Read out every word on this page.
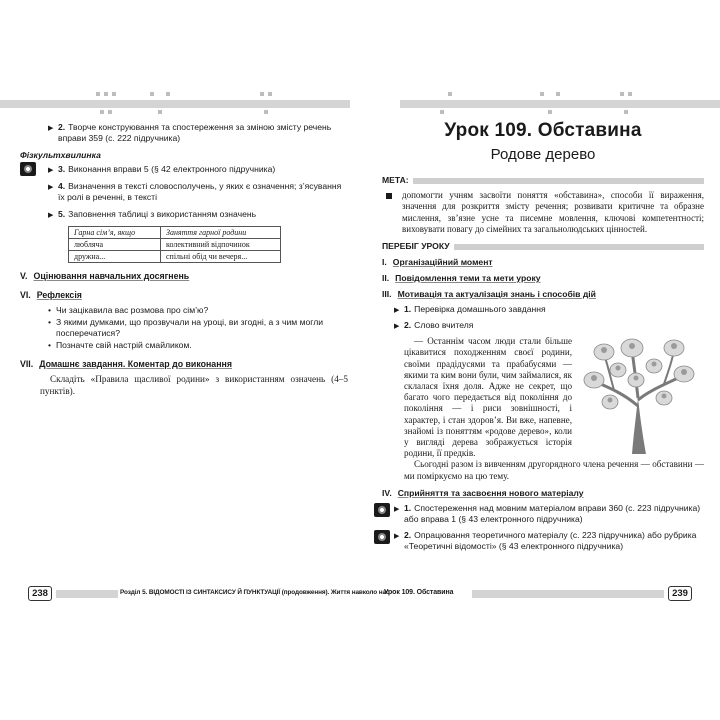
▶ 2. Творче конструювання та спостереження за зміною змісту речень вправи 359 (с. 222 підручника)
Фізкультхвилинка
▶ 3. Виконання вправи 5 (§ 42 електронного підручника)
▶ 4. Визначення в тексті словосполучень, у яких є означення; з’ясування їх ролі в реченні, в тексті
▶ 5. Заповнення таблиці з використанням означень
Гарна сім’я, якщо	Заняття гарної родини
люблячa	колективний відпочинок
дружна...	спільні обід чи вечеря...
V. Оцінювання навчальних досягнень
VI. Рефлексія
• Чи зацікавила вас розмова про сім’ю?
• З якими думками, що прозвучали на уроці, ви згодні, а з чим могли посперечатися?
• Позначте свій настрій смайликом.
VII. Домашнє завдання. Коментар до виконання
Складіть «Правила щасливої родини» з використанням означень (4–5 пунктів).
Урок 109. Обставина
Родове дерево
МЕТА:
допомогти учням засвоїти поняття «обставина», способи її вираження, значення для розкриття змісту речення; розвивати критичне та образне мислення, зв’язне усне та писемне мовлення, ключові компетентності; виховувати повагу до сімейних та загальнолюдських цінностей.
ПЕРЕБІГ УРОКУ
I. Організаційний момент
II. Повідомлення теми та мети уроку
III. Мотивація та актуалізація знань і способів дій
▶ 1. Перевірка домашнього завдання
▶ 2. Слово вчителя

— Останнім часом люди стали більше цікавитися походженням своєї родини, своїми прадідусями та прабабусями — якими та ким вони були, чим займалися, як склалася їхня доля. Адже не секрет, що багато чого передається від покоління до покоління — і риси зовнішності, і характер, і стан здоров’я. Ви вже, напевне, знайомі із поняттям «родове дерево», коли у вигляді дерева зображується історія родини, її предків.

Сьогодні разом із вивченням другорядного члена речення — обставини — ми поміркуємо на цю тему.

IV. Сприйняття та засвоєння нового матеріалу
▶ 1. Спостереження над мовним матеріалом вправи 360 (с. 223 підручника) або вправа 1 (§ 43 електронного підручника)
▶ 2. Опрацювання теоретичного матеріалу (с. 223 підручника) або рубрика «Теоретичні відомості» (§ 43 електронного підручника)
238	Розділ 5. ВІДОМОСТІ ІЗ СИНТАКСИСУ Й ПУНКТУАЦІЇ (продовження). Життя навколо нас
Урок 109. Обставина	239
